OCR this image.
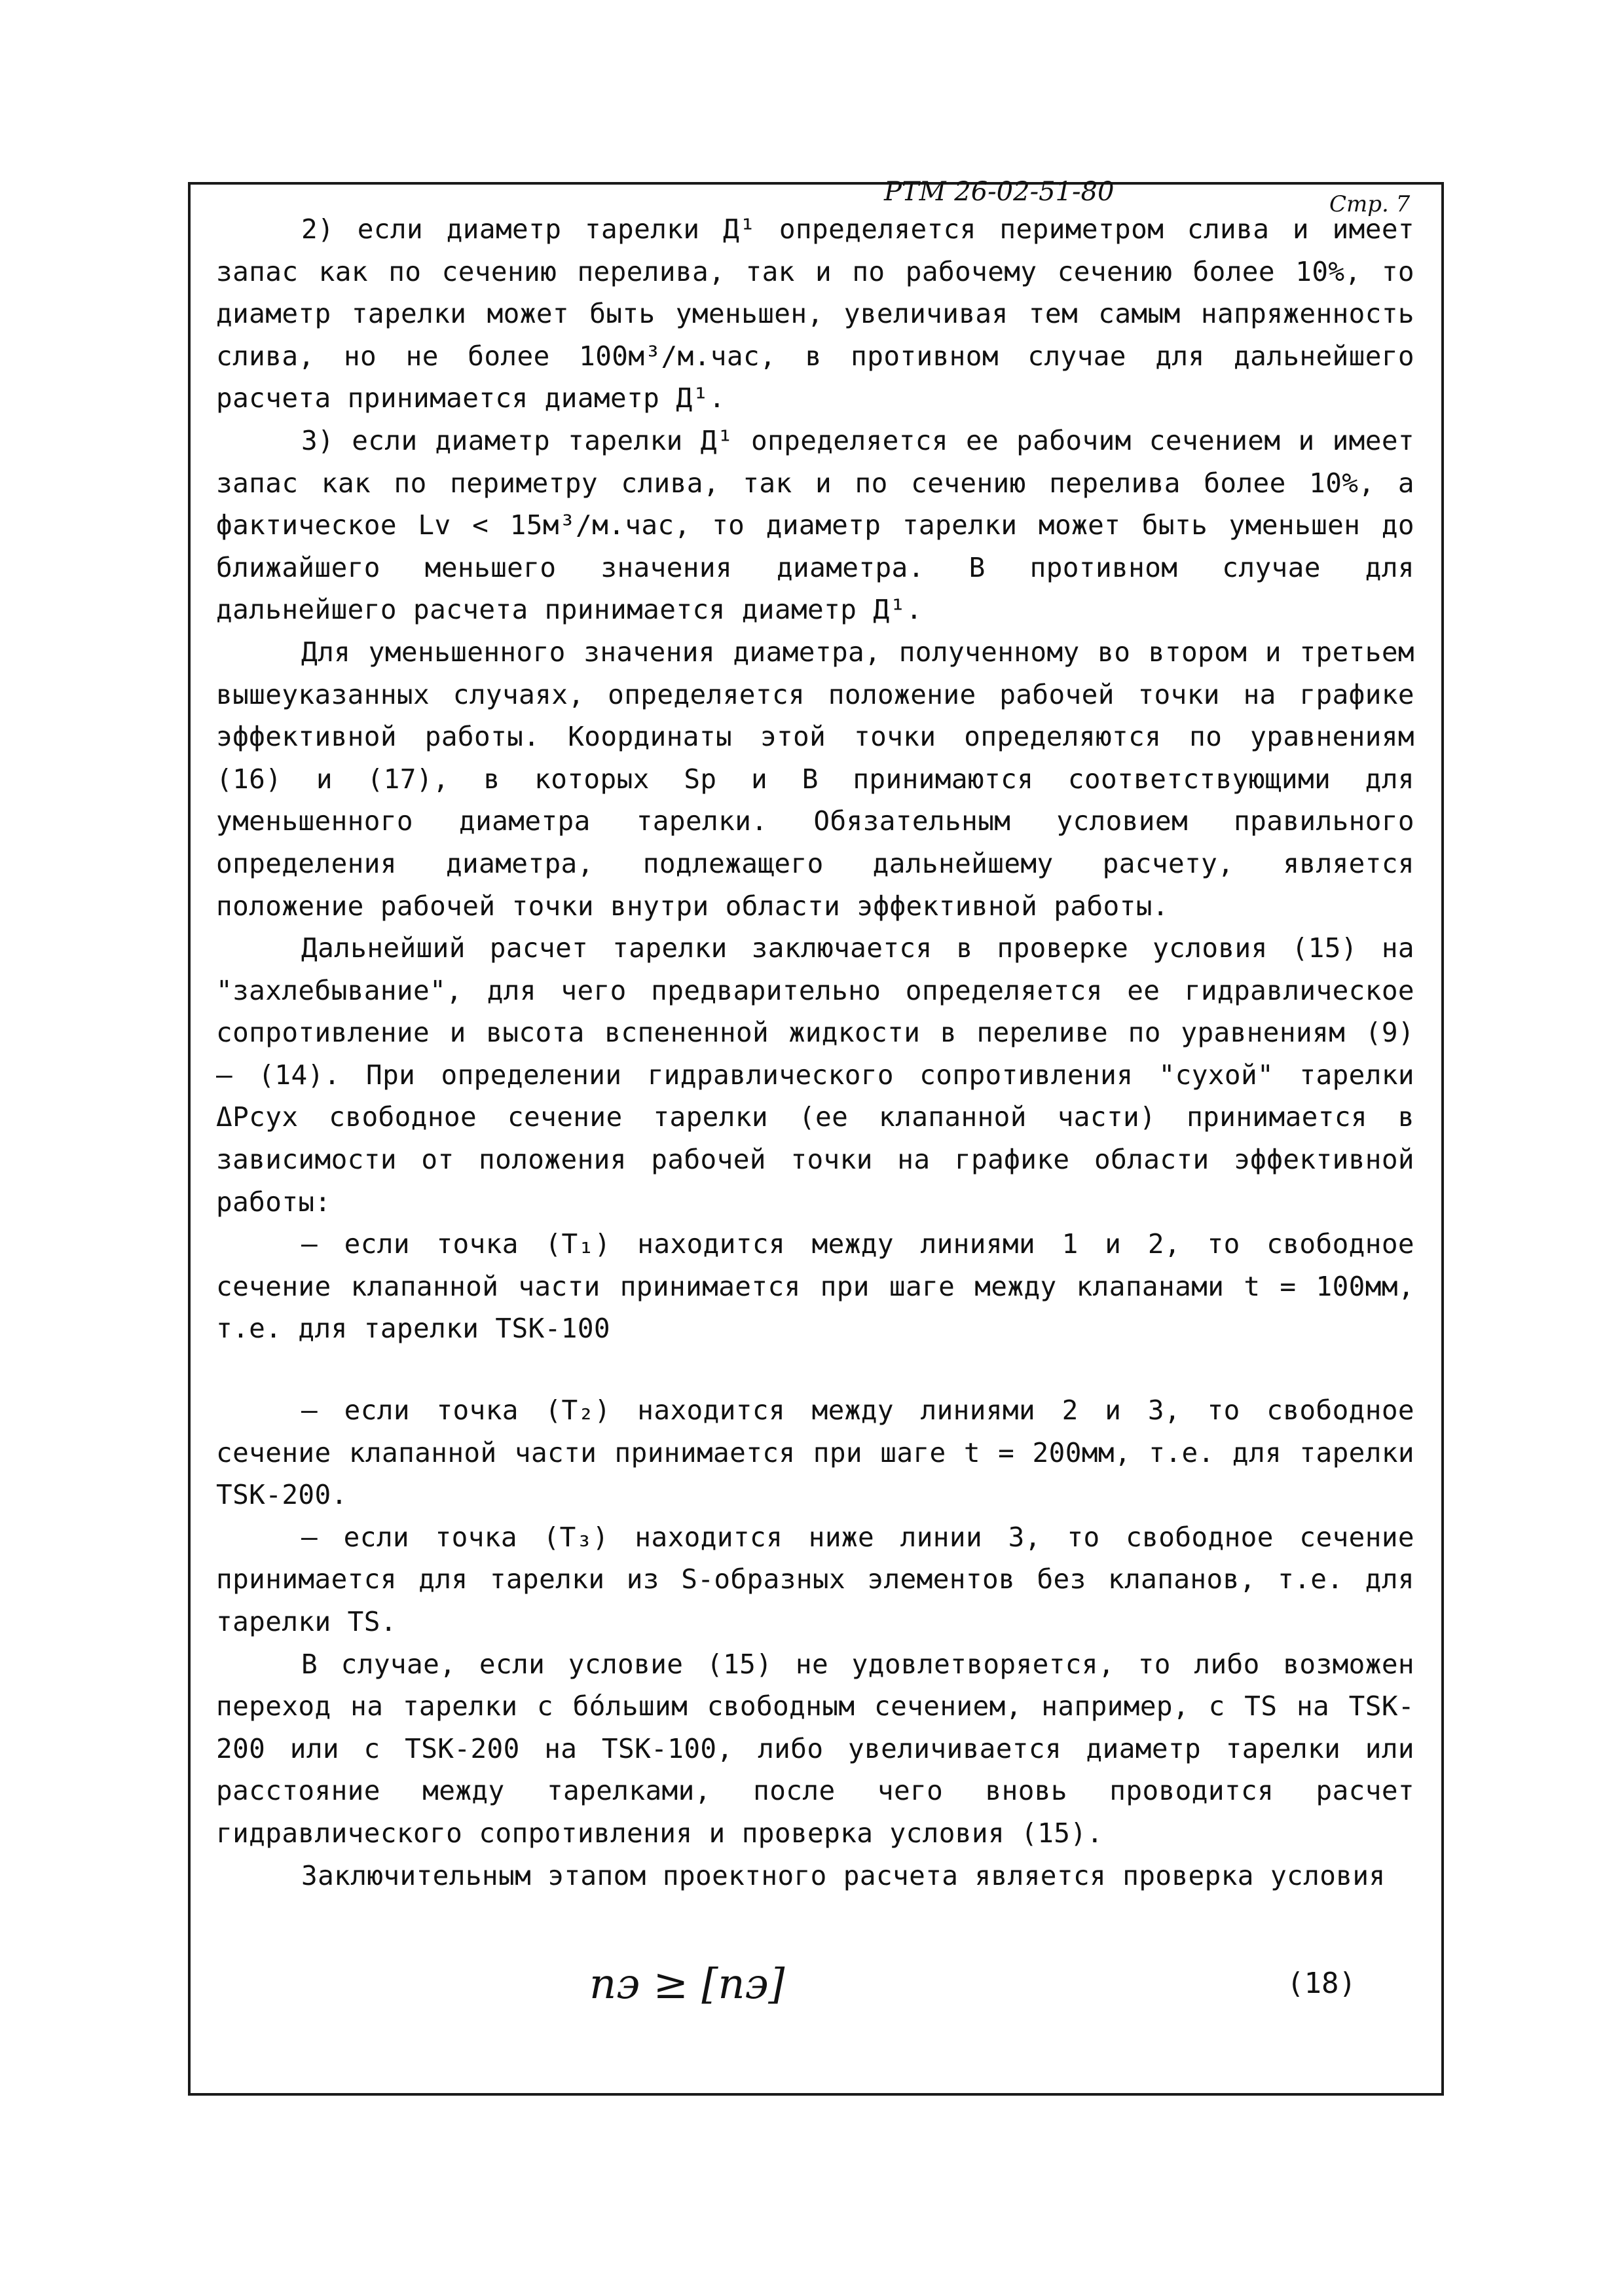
РТМ 26-02-51-80	Стр. 7

2) если диаметр тарелки Д¹ определяется периметром слива и имеет запас как по сечению перелива, так и по рабочему сечению более 10%, то диаметр тарелки может быть уменьшен, увеличивая тем самым напряженность слива, но не более 100м³/м.час, в противном случае для дальнейшего расчета принимается диаметр Д¹.

3) если диаметр тарелки Д¹ определяется ее рабочим сечением и имеет запас как по периметру слива, так и по сечению перелива более 10%, а фактическое Lv < 15м³/м.час, то диаметр тарелки может быть уменьшен до ближайшего меньшего значения диаметра. В противном случае для дальнейшего расчета принимается диаметр Д¹.

Для уменьшенного значения диаметра, полученному во втором и третьем вышеуказанных случаях, определяется положение рабочей точки на графике эффективной работы. Координаты этой точки определяются по уравнениям (16) и (17), в которых Sp и B принимаются соответствующими для уменьшенного диаметра тарелки. Обязательным условием правильного определения диаметра, подлежащего дальнейшему расчету, является положение рабочей точки внутри области эффективной работы.

Дальнейший расчет тарелки заключается в проверке условия (15) на "захлебывание", для чего предварительно определяется ее гидравлическое сопротивление и высота вспененной жидкости в переливе по уравнениям (9) – (14). При определении гидравлического сопротивления "сухой" тарелки ΔPсух свободное сечение тарелки (ее клапанной части) принимается в зависимости от положения рабочей точки на графике области эффективной работы:

– если точка (T₁) находится между линиями 1 и 2, то свободное сечение клапанной части принимается при шаге между клапанами t = 100мм, т.е. для тарелки TSK-100

– если точка (T₂) находится между линиями 2 и 3, то свободное сечение клапанной части принимается при шаге t = 200мм, т.е. для тарелки TSK-200.

– если точка (T₃) находится ниже линии 3, то свободное сечение принимается для тарелки из S-образных элементов без клапанов, т.е. для тарелки TS.

В случае, если условие (15) не удовлетворяется, то либо возможен переход на тарелки с бóльшим свободным сечением, например, с TS на TSK-200 или с TSK-200 на TSK-100, либо увеличивается диаметр тарелки или расстояние между тарелками, после чего вновь проводится расчет гидравлического сопротивления и проверка условия (15).

Заключительным этапом проектного расчета является проверка условия

nэ ≥ [nэ]	(18)
